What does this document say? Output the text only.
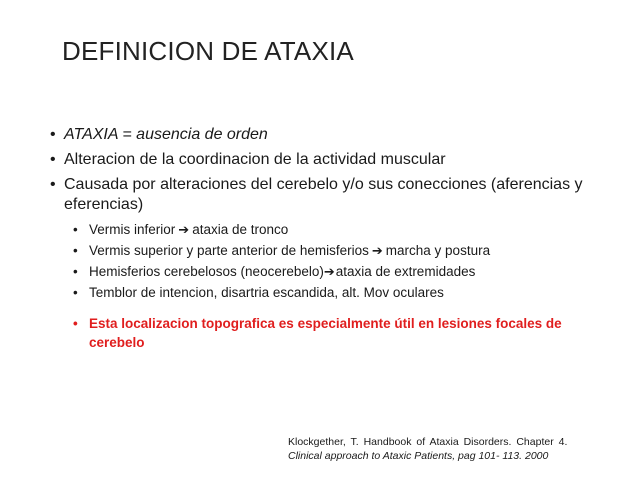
DEFINICION DE ATAXIA
• ATAXIA = ausencia de orden
• Alteracion de la coordinacion de la actividad muscular
• Causada por alteraciones del cerebelo y/o sus conecciones (aferencias y eferencias)
• Vermis inferior ➔ ataxia de tronco
• Vermis superior y parte anterior de hemisferios ➔ marcha y postura
• Hemisferios cerebelosos (neocerebelo)➔ataxia de extremidades
• Temblor de intencion, disartria escandida, alt. Mov oculares
• Esta localizacion topografica es especialmente útil en lesiones focales de cerebelo
Klockgether, T. Handbook of Ataxia Disorders. Chapter 4.
Clinical approach to Ataxic Patients, pag 101- 113. 2000
